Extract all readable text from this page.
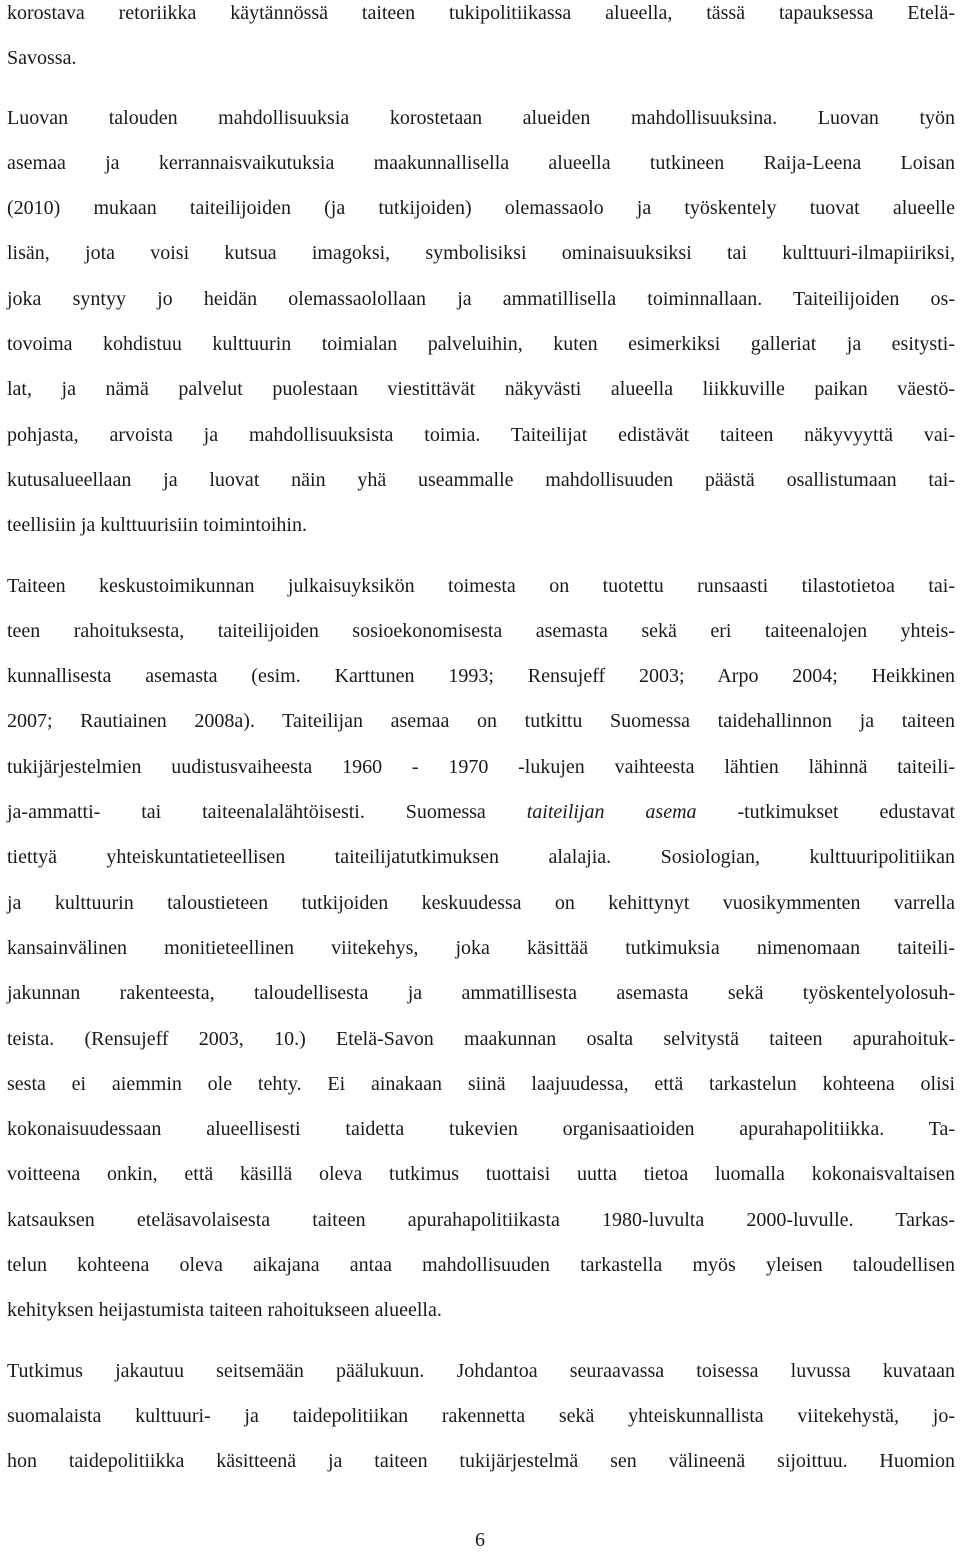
korostava retoriikka käytännössä taiteen tukipolitiikassa alueella, tässä tapauksessa Etelä-
Savossa.

Luovan talouden mahdollisuuksia korostetaan alueiden mahdollisuuksina. Luovan työn
asemaa ja kerrannaisvaikutuksia maakunnallisella alueella tutkineen Raija-Leena Loisan
(2010) mukaan taiteilijoiden (ja tutkijoiden) olemassaolo ja työskentely tuovat alueelle
lisän, jota voisi kutsua imagoksi, symbolisiksi ominaisuuksiksi tai kulttuuri-ilmapiiriksi,
joka syntyy jo heidän olemassaolollaan ja ammatillisella toiminnallaan. Taiteilijoiden os-
tovoima kohdistuu kulttuurin toimialan palveluihin, kuten esimerkiksi galleriat ja esitysti-
lat, ja nämä palvelut puolestaan viestittävät näkyvästi alueella liikkuville paikan väestö-
pohjasta, arvoista ja mahdollisuuksista toimia. Taiteilijat edistävät taiteen näkyvyyttä vai-
kutusalueellaan ja luovat näin yhä useammalle mahdollisuuden päästä osallistumaan tai-
teellisiin ja kulttuurisiin toimintoihin.

Taiteen keskustoimikunnan julkaisuyksikön toimesta on tuotettu runsaasti tilastotietoa tai-
teen rahoituksesta, taiteilijoiden sosioekonomisesta asemasta sekä eri taiteenalojen yhteis-
kunnallisesta asemasta (esim. Karttunen 1993; Rensujeff 2003; Arpo 2004; Heikkinen
2007; Rautiainen 2008a). Taiteilijan asemaa on tutkittu Suomessa taidehallinnon ja taiteen
tukijärjestelmien uudistusvaiheesta 1960 - 1970 -lukujen vaihteesta lähtien lähinnä taiteili-
ja-ammatti- tai taiteenalalähtöisesti. Suomessa taiteilijan asema -tutkimukset edustavat
tiettyä yhteiskuntatieteellisen taiteilijatutkimuksen alalajia. Sosiologian, kulttuuripolitiikan
ja kulttuurin taloustieteen tutkijoiden keskuudessa on kehittynyt vuosikymmenten varrella
kansainvälinen monitieteellinen viitekehys, joka käsittää tutkimuksia nimenomaan taiteili-
jakunnan rakenteesta, taloudellisesta ja ammatillisesta asemasta sekä työskentelyolosuh-
teista. (Rensujeff 2003, 10.) Etelä-Savon maakunnan osalta selvitystä taiteen apurahoituk-
sesta ei aiemmin ole tehty. Ei ainakaan siinä laajuudessa, että tarkastelun kohteena olisi
kokonaisuudessaan alueellisesti taidetta tukevien organisaatioiden apurahapolitiikka. Ta-
voitteena onkin, että käsillä oleva tutkimus tuottaisi uutta tietoa luomalla kokonaisvaltaisen
katsauksen eteläsavolaisesta taiteen apurahapolitiikasta 1980-luvulta 2000-luvulle. Tarkas-
telun kohteena oleva aikajana antaa mahdollisuuden tarkastella myös yleisen taloudellisen
kehityksen heijastumista taiteen rahoitukseen alueella.

Tutkimus jakautuu seitsemään päälukuun. Johdantoa seuraavassa toisessa luvussa kuvataan
suomalaista kulttuuri- ja taidepolitiikan rakennetta sekä yhteiskunnallista viitekehystä, jo-
hon taidepolitiikka käsitteenä ja taiteen tukijärjestelmä sen välineenä sijoittuu. Huomion

6
